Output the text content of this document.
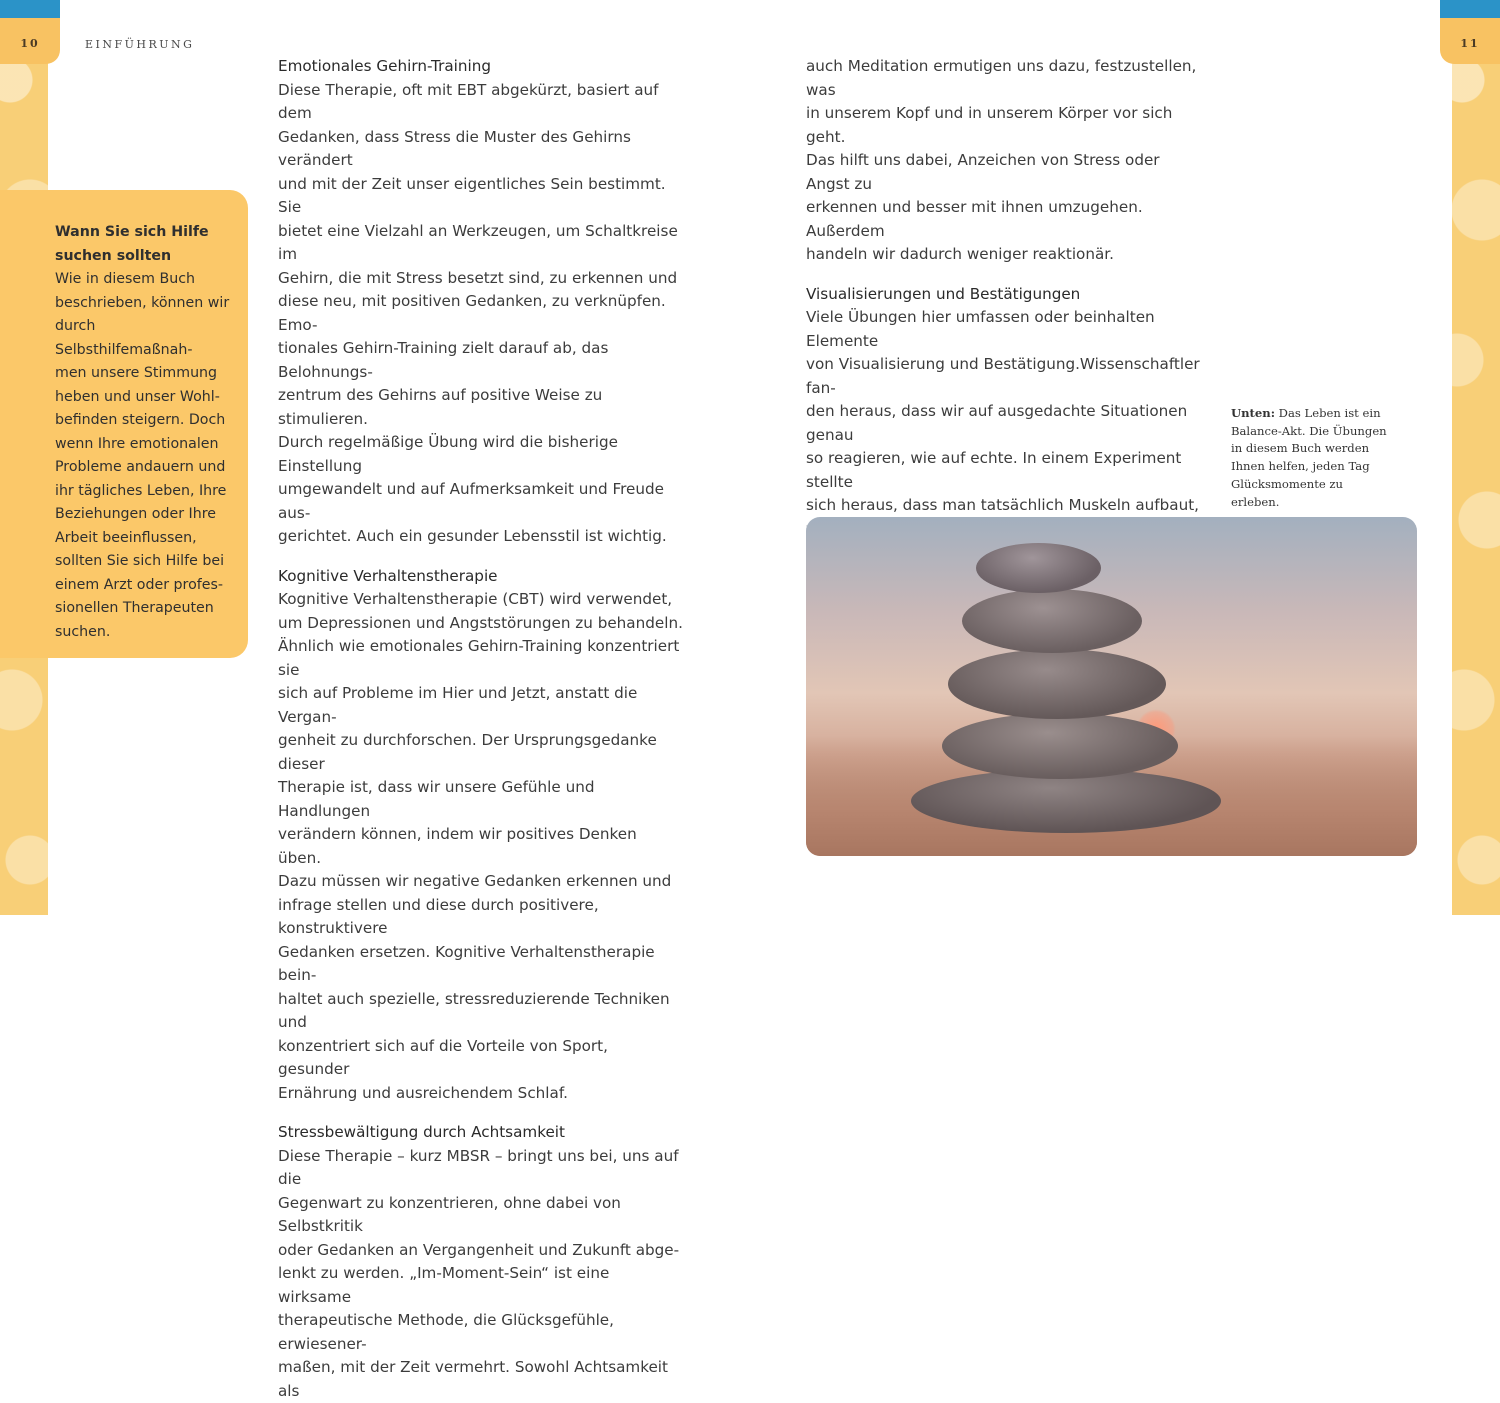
10	11
EINFÜHRUNG
Wann Sie sich Hilfe suchen sollten
Wie in diesem Buch
beschrieben, können wir
durch Selbsthilfemaßnah-
men unsere Stimmung
heben und unser Wohl-
befinden steigern. Doch
wenn Ihre emotionalen
Probleme andauern und
ihr tägliches Leben, Ihre
Beziehungen oder Ihre
Arbeit beeinflussen,
sollten Sie sich Hilfe bei
einem Arzt oder profes-
sionellen Therapeuten
suchen.
Emotionales Gehirn-Training

Diese Therapie, oft mit EBT abgekürzt, basiert auf dem
Gedanken, dass Stress die Muster des Gehirns verändert
und mit der Zeit unser eigentliches Sein bestimmt. Sie
bietet eine Vielzahl an Werkzeugen, um Schaltkreise im
Gehirn, die mit Stress besetzt sind, zu erkennen und
diese neu, mit positiven Gedanken, zu verknüpfen. Emo-
tionales Gehirn-Training zielt darauf ab, das Belohnungs-
zentrum des Gehirns auf positive Weise zu stimulieren.
Durch regelmäßige Übung wird die bisherige Einstellung
umgewandelt und auf Aufmerksamkeit und Freude aus-
gerichtet. Auch ein gesunder Lebensstil ist wichtig.

Kognitive Verhaltenstherapie

Kognitive Verhaltenstherapie (CBT) wird verwendet,
um Depressionen und Angststörungen zu behandeln.
Ähnlich wie emotionales Gehirn-Training konzentriert sie
sich auf Probleme im Hier und Jetzt, anstatt die Vergan-
genheit zu durchforschen. Der Ursprungsgedanke dieser
Therapie ist, dass wir unsere Gefühle und Handlungen
verändern können, indem wir positives Denken üben.
Dazu müssen wir negative Gedanken erkennen und
infrage stellen und diese durch positivere, konstruktivere
Gedanken ersetzen. Kognitive Verhaltenstherapie bein-
haltet auch spezielle, stressreduzierende Techniken und
konzentriert sich auf die Vorteile von Sport, gesunder
Ernährung und ausreichendem Schlaf.

Stressbewältigung durch Achtsamkeit

Diese Therapie – kurz MBSR – bringt uns bei, uns auf die
Gegenwart zu konzentrieren, ohne dabei von Selbstkritik
oder Gedanken an Vergangenheit und Zukunft abge-
lenkt zu werden. „Im-Moment-Sein“ ist eine wirksame
therapeutische Methode, die Glücksgefühle, erwiesener-
maßen, mit der Zeit vermehrt. Sowohl Achtsamkeit als

auch Meditation ermutigen uns dazu, festzustellen, was
in unserem Kopf und in unserem Körper vor sich geht.
Das hilft uns dabei, Anzeichen von Stress oder Angst zu
erkennen und besser mit ihnen umzugehen. Außerdem
handeln wir dadurch weniger reaktionär.

Visualisierungen und Bestätigungen

Viele Übungen hier umfassen oder beinhalten Elemente
von Visualisierung und Bestätigung.Wissenschaftler fan-
den heraus, dass wir auf ausgedachte Situationen genau
so reagieren, wie auf echte. In einem Experiment stellte
sich heraus, dass man tatsächlich Muskeln aufbaut,

Unten: Das Leben ist ein
Balance-Akt. Die Übungen
in diesem Buch werden
Ihnen helfen, jeden Tag
Glücksmomente zu erleben.
